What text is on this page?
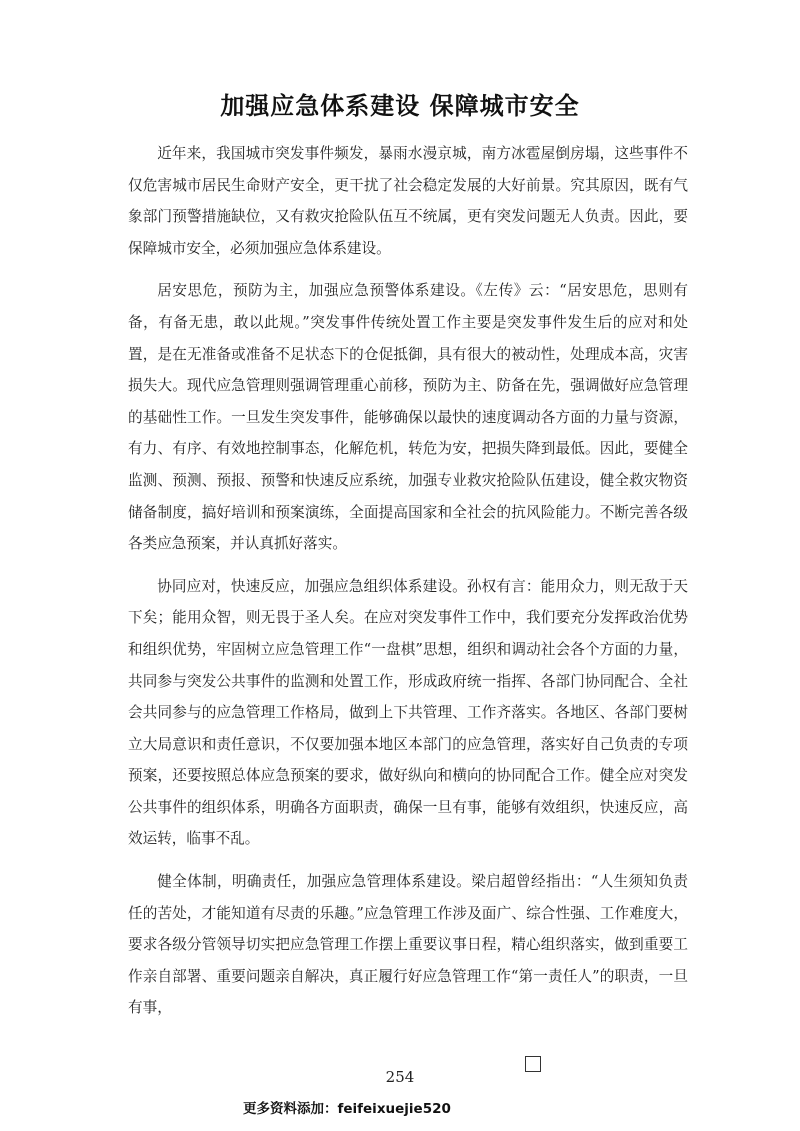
加强应急体系建设 保障城市安全

近年来，我国城市突发事件频发，暴雨水漫京城，南方冰雹屋倒房塌，这些事件不仅危害城市居民生命财产安全，更干扰了社会稳定发展的大好前景。究其原因，既有气象部门预警措施缺位，又有救灾抢险队伍互不统属，更有突发问题无人负责。因此，要保障城市安全，必须加强应急体系建设。

居安思危，预防为主，加强应急预警体系建设。《左传》云：“居安思危，思则有备，有备无患，敢以此规。”突发事件传统处置工作主要是突发事件发生后的应对和处置，是在无准备或准备不足状态下的仓促抵御，具有很大的被动性，处理成本高，灾害损失大。现代应急管理则强调管理重心前移，预防为主、防备在先，强调做好应急管理的基础性工作。一旦发生突发事件，能够确保以最快的速度调动各方面的力量与资源，有力、有序、有效地控制事态，化解危机，转危为安，把损失降到最低。因此，要健全监测、预测、预报、预警和快速反应系统，加强专业救灾抢险队伍建设，健全救灾物资储备制度，搞好培训和预案演练，全面提高国家和全社会的抗风险能力。不断完善各级各类应急预案，并认真抓好落实。

协同应对，快速反应，加强应急组织体系建设。孙权有言：能用众力，则无敌于天下矣；能用众智，则无畏于圣人矣。在应对突发事件工作中，我们要充分发挥政治优势和组织优势，牢固树立应急管理工作“一盘棋”思想，组织和调动社会各个方面的力量，共同参与突发公共事件的监测和处置工作，形成政府统一指挥、各部门协同配合、全社会共同参与的应急管理工作格局，做到上下共管理、工作齐落实。各地区、各部门要树立大局意识和责任意识，不仅要加强本地区本部门的应急管理，落实好自己负责的专项预案，还要按照总体应急预案的要求，做好纵向和横向的协同配合工作。健全应对突发公共事件的组织体系，明确各方面职责，确保一旦有事，能够有效组织，快速反应，高效运转，临事不乱。

健全体制，明确责任，加强应急管理体系建设。梁启超曾经指出：“人生须知负责任的苦处，才能知道有尽责的乐趣。”应急管理工作涉及面广、综合性强、工作难度大，要求各级分管领导切实把应急管理工作摆上重要议事日程，精心组织落实，做到重要工作亲自部署、重要问题亲自解决，真正履行好应急管理工作“第一责任人”的职责，一旦有事，

254
更多资料添加：feifeixuejie520
